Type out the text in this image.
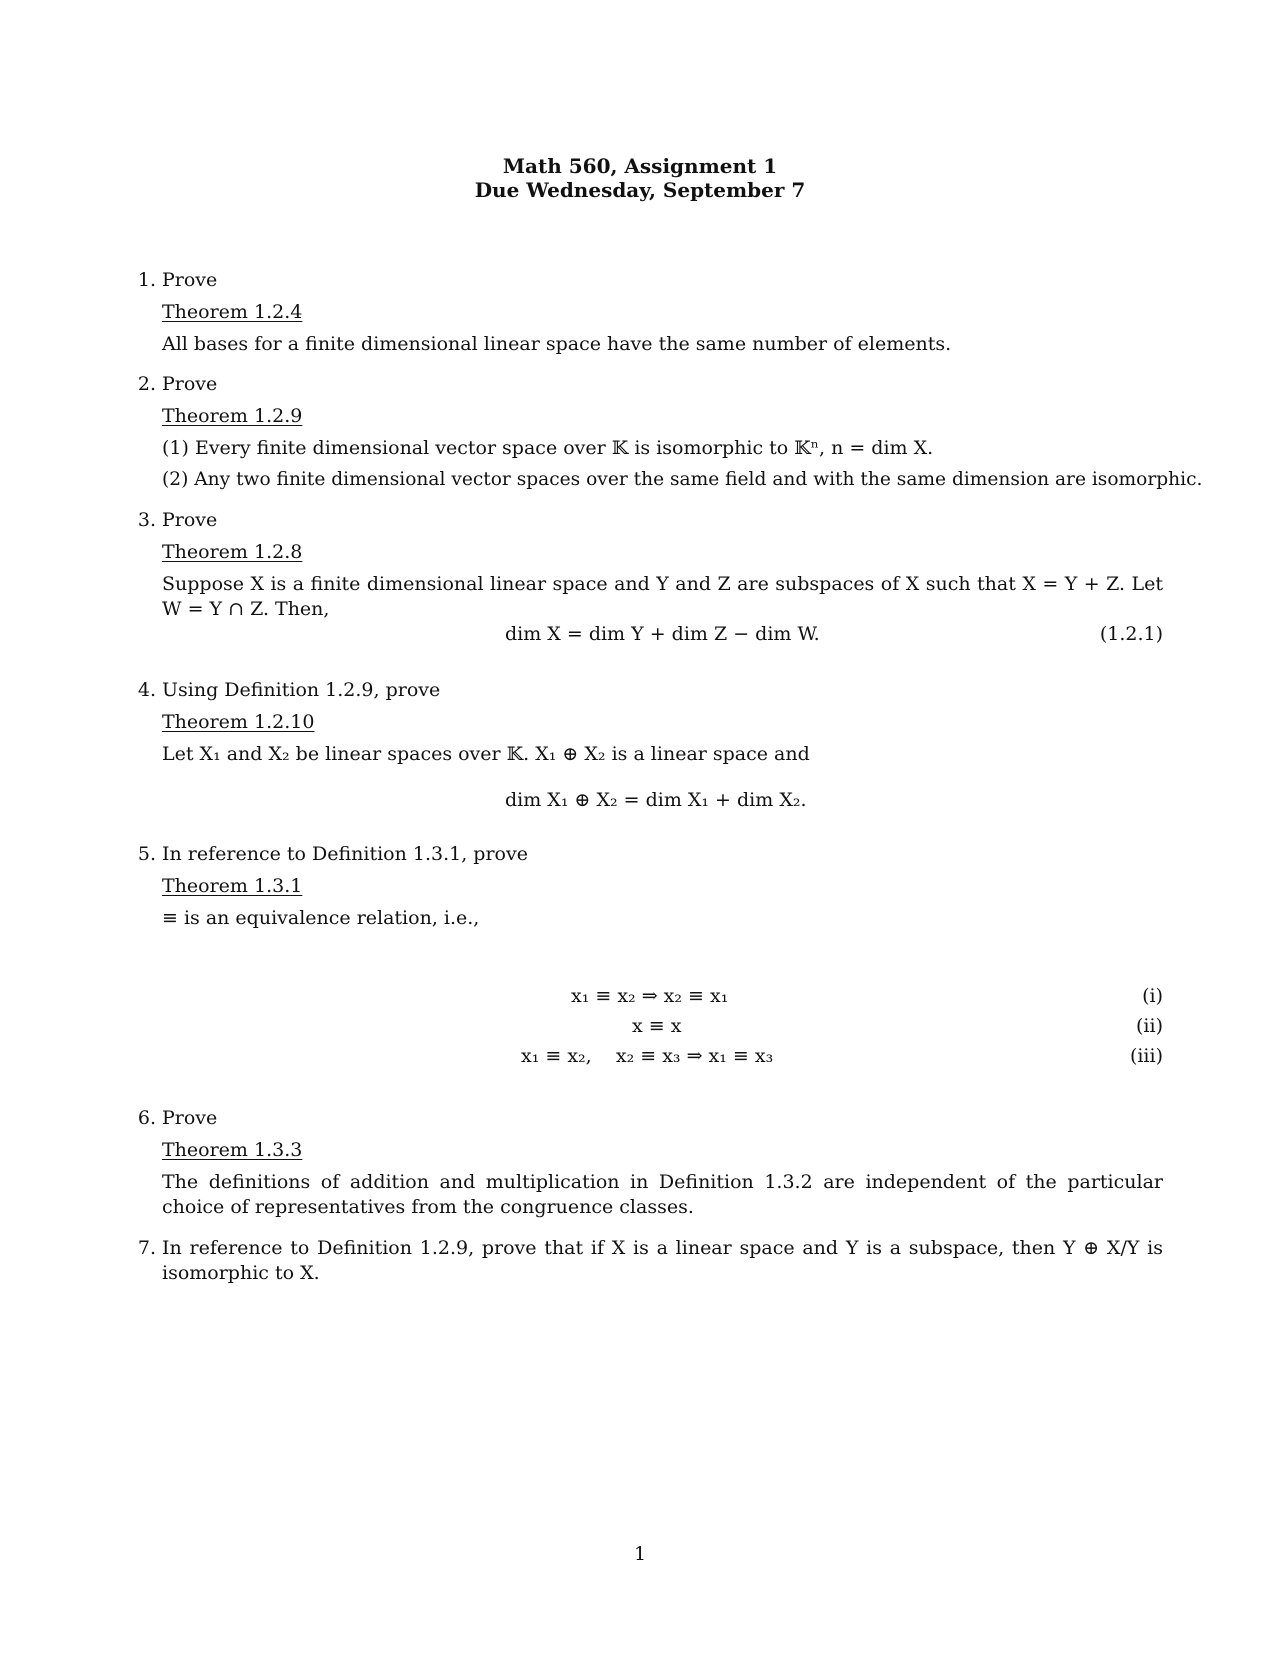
Math 560, Assignment 1
Due Wednesday, September 7
1. Prove
Theorem 1.2.4
All bases for a finite dimensional linear space have the same number of elements.
2. Prove
Theorem 1.2.9
(1) Every finite dimensional vector space over 𝕂 is isomorphic to 𝕂ⁿ, n = dim X.
(2) Any two finite dimensional vector spaces over the same field and with the same dimension are isomorphic.
3. Prove
Theorem 1.2.8
Suppose X is a finite dimensional linear space and Y and Z are subspaces of X such that X = Y + Z. Let W = Y ∩ Z. Then,
dim X = dim Y + dim Z − dim W.	(1.2.1)
4. Using Definition 1.2.9, prove
Theorem 1.2.10
Let X₁ and X₂ be linear spaces over 𝕂. X₁ ⊕ X₂ is a linear space and
dim X₁ ⊕ X₂ = dim X₁ + dim X₂.
5. In reference to Definition 1.3.1, prove
Theorem 1.3.1
≡ is an equivalence relation, i.e.,
x₁ ≡ x₂ ⇒ x₂ ≡ x₁	(i)
x ≡ x	(ii)
x₁ ≡ x₂,    x₂ ≡ x₃ ⇒ x₁ ≡ x₃	(iii)
6. Prove
Theorem 1.3.3
The definitions of addition and multiplication in Definition 1.3.2 are independent of the particular choice of representatives from the congruence classes.
7. In reference to Definition 1.2.9, prove that if X is a linear space and Y is a subspace, then Y ⊕ X/Y is isomorphic to X.
1
